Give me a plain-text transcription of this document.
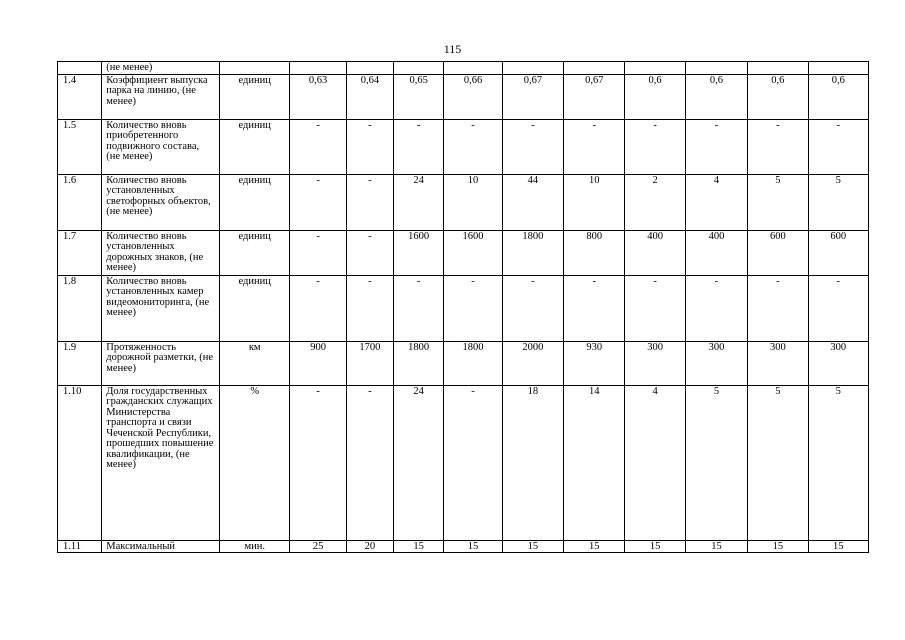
115
	(не менее)											
1.4	Коэффициент выпуска парка на линию, (не менее)	единиц	0,63	0,64	0,65	0,66	0,67	0,67	0,6	0,6	0,6	0,6
1.5	Количество вновь приобретенного подвижного состава, (не менее)	единиц	-	-	-	-	-	-	-	-	-	-
1.6	Количество вновь установленных светофорных объектов, (не менее)	единиц	-	-	24	10	44	10	2	4	5	5
1.7	Количество вновь установленных дорожных знаков, (не менее)	единиц	-	-	1600	1600	1800	800	400	400	600	600
1.8	Количество вновь установленных камер видеомониторинга, (не менее)	единиц	-	-	-	-	-	-	-	-	-	-
1.9	Протяженность дорожной разметки, (не менее)	км	900	1700	1800	1800	2000	930	300	300	300	300
1.10	Доля государственных гражданских служащих Министерства транспорта и связи Чеченской Республики, прошедших повышение квалификации, (не менее)	%	-	-	24	-	18	14	4	5	5	5
1.11	Максимальный	мин.	25	20	15	15	15	15	15	15	15	15
